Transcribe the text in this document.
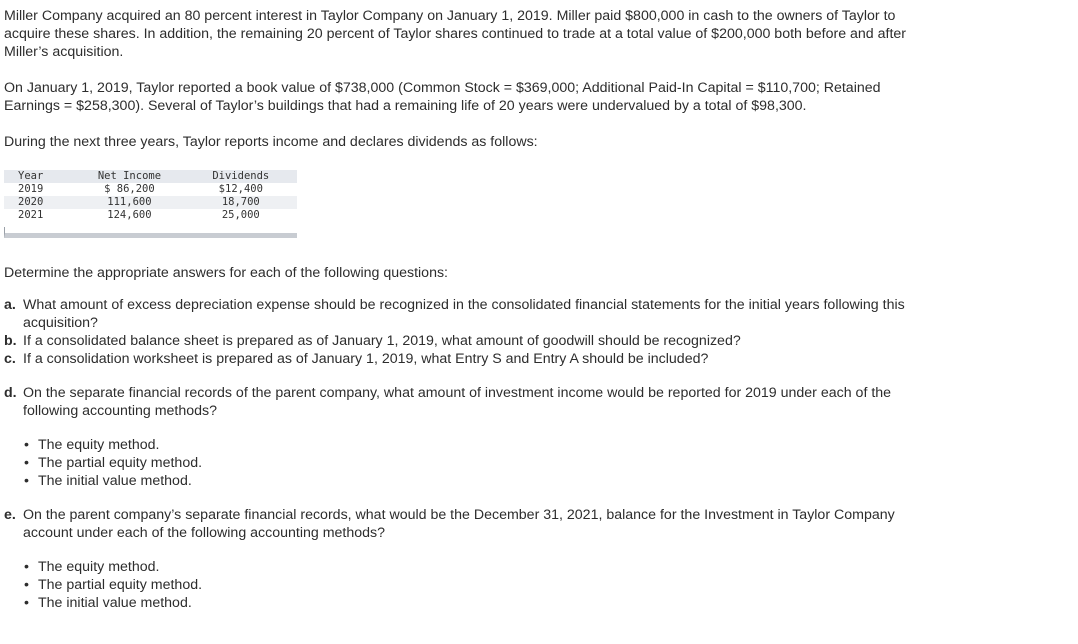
Miller Company acquired an 80 percent interest in Taylor Company on January 1, 2019. Miller paid $800,000 in cash to the owners of Taylor to acquire these shares. In addition, the remaining 20 percent of Taylor shares continued to trade at a total value of $200,000 both before and after Miller’s acquisition.

On January 1, 2019, Taylor reported a book value of $738,000 (Common Stock = $369,000; Additional Paid-In Capital = $110,700; Retained Earnings = $258,300). Several of Taylor’s buildings that had a remaining life of 20 years were undervalued by a total of $98,300.

During the next three years, Taylor reports income and declares dividends as follows:

Year	Net Income	Dividends
2019	$ 86,200	$12,400
2020	111,600	18,700
2021	124,600	25,000

Determine the appropriate answers for each of the following questions:

a. What amount of excess depreciation expense should be recognized in the consolidated financial statements for the initial years following this acquisition?
b. If a consolidated balance sheet is prepared as of January 1, 2019, what amount of goodwill should be recognized?
c. If a consolidation worksheet is prepared as of January 1, 2019, what Entry S and Entry A should be included?
d. On the separate financial records of the parent company, what amount of investment income would be reported for 2019 under each of the following accounting methods?
• The equity method.
• The partial equity method.
• The initial value method.
e. On the parent company’s separate financial records, what would be the December 31, 2021, balance for the Investment in Taylor Company account under each of the following accounting methods?
• The equity method.
• The partial equity method.
• The initial value method.
